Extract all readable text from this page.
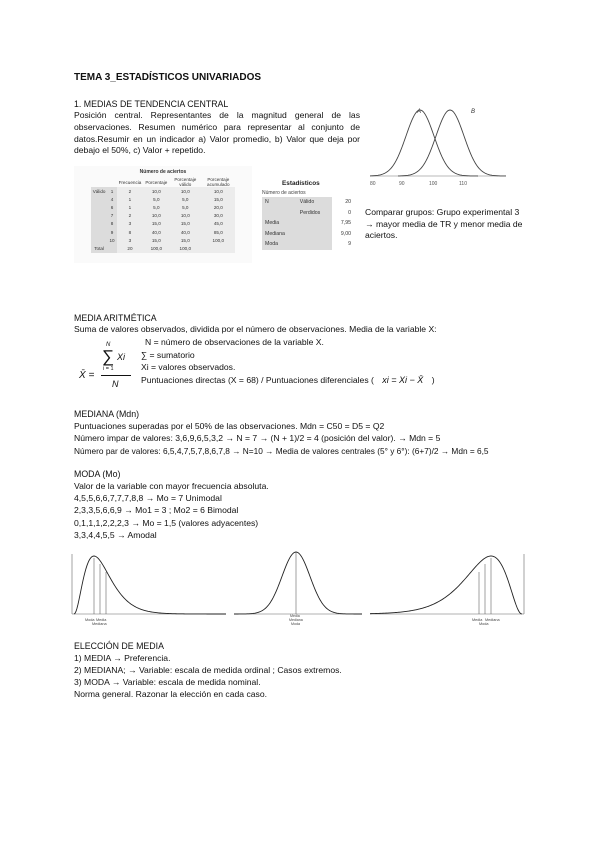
TEMA 3_ESTADÍSTICOS UNIVARIADOS
1. MEDIAS DE TENDENCIA CENTRAL
Posición central. Representantes de la magnitud general de las observaciones. Resumen numérico para representar al conjunto de datos.Resumir en un indicador a) Valor promedio, b) Valor que deja por debajo el 50%, c) Valor + repetido.
A	B
80	90	100	110
Número de aciertos
		Frecuencia	Porcentaje	Porcentaje válido	Porcentaje acumulado
Válido	1	2	10,0	10,0	10,0
	4	1	5,0	5,0	15,0
	6	1	5,0	5,0	20,0
	7	2	10,0	10,0	30,0
	8	3	15,0	15,0	45,0
	9	8	40,0	40,0	85,0
	10	3	15,0	15,0	100,0
Total		20	100,0	100,0	
Estadísticos
Número de aciertos
N	Válido	20
	Perdidos	0
Media		7,95
Mediana		9,00
Moda		9
Comparar grupos: Grupo experimental 3 → mayor media de TR y menor media de aciertos.
MEDIA ARITMÉTICA
Suma de valores observados, dividida por el número de observaciones. Media de la variable X:
X̄ =
N
∑ Xi
i = 1
N
N = número de observaciones de la variable X.
∑ = sumatorio
Xi = valores observados.
Puntuaciones directas (X = 68) / Puntuaciones diferenciales ( xi = Xi − X̄ )
MEDIANA (Mdn)
Puntuaciones superadas por el 50% de las observaciones. Mdn = C50 = D5 = Q2
Número impar de valores: 3,6,9,6,5,3,2 → N = 7 → (N + 1)/2 = 4 (posición del valor). → Mdn = 5
Número par de valores: 6,5,4,7,5,7,8,6,7,8 → N=10 → Media de valores centrales (5° y 6°): (6+7)/2 → Mdn = 6,5
MODA (Mo)
Valor de la variable con mayor frecuencia absoluta.
4,5,5,6,6,7,7,7,8,8 → Mo = 7 Unimodal
2,3,3,5,6,6,9 → Mo1 = 3 ; Mo2 = 6 Bimodal
0,1,1,1,2,2,2,3 → Mo = 1,5 (valores adyacentes)
3,3,4,4,5,5 → Amodal
Moda Media
Mediana
Media
Mediana
Moda
Media Mediana
Moda
ELECCIÓN DE MEDIA
1) MEDIA → Preferencia.
2) MEDIANA; → Variable: escala de medida ordinal ; Casos extremos.
3) MODA → Variable: escala de medida nominal.
Norma general. Razonar la elección en cada caso.
